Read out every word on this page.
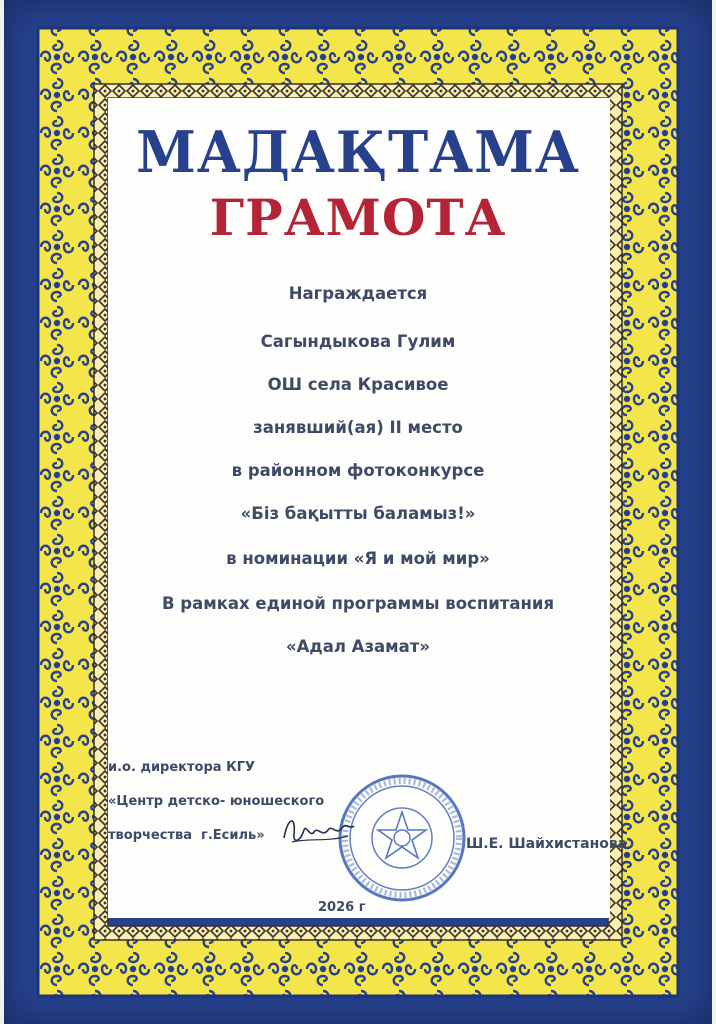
МАДАҚТАМА
ГРАМОТА
Награждается
Сагындыкова Гулим
ОШ села Красивое
занявший(ая) II место
в районном фотоконкурсе
«Біз бақытты баламыз!»
в номинации «Я и мой мир»
В рамках единой программы воспитания
«Адал Азамат»
и.о. директора КГУ
«Центр детско- юношеского
творчества  г.Есиль»
Ш.Е. Шайхистанова
2026 г
